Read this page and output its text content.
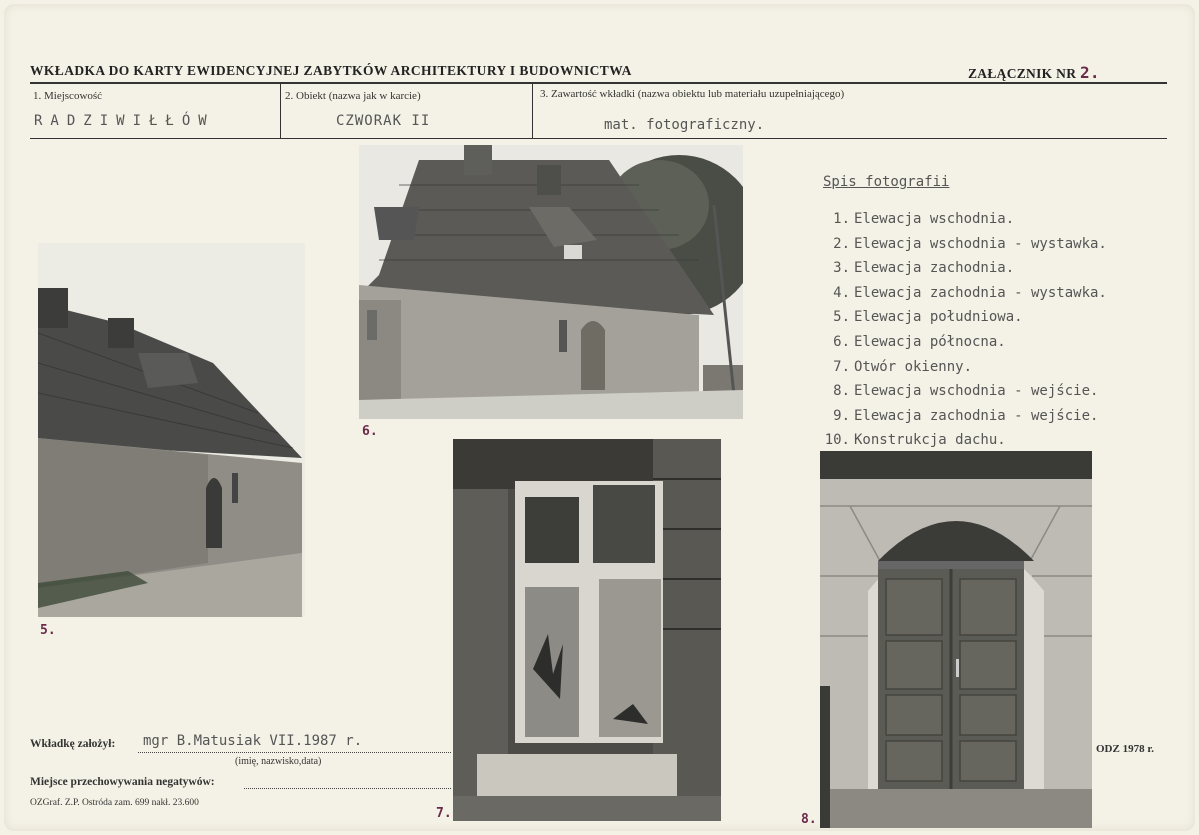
WKŁADKA DO KARTY EWIDENCYJNEJ ZABYTKÓW ARCHITEKTURY I BUDOWNICTWA	ZAŁĄCZNIK NR 2.
1. Miejscowość
RADZIWIŁŁÓW
2. Obiekt (nazwa jak w karcie)
CZWORAK II
3. Zawartość wkładki (nazwa obiektu lub materiału uzupełniającego)
mat. fotograficzny.
Spis fotografii
1. Elewacja wschodnia.
2. Elewacja wschodnia - wystawka.
3. Elewacja zachodnia.
4. Elewacja zachodnia - wystawka.
5. Elewacja południowa.
6. Elewacja północna.
7. Otwór okienny.
8. Elewacja wschodnia - wejście.
9. Elewacja zachodnia - wejście.
10. Konstrukcja dachu.
5.
6.
7.	8.
Wkładkę założył: mgr B.Matusiak VII.1987 r.
(imię, nazwisko,data)
Miejsce przechowywania negatywów:
OZGraf. Z.P. Ostróda zam. 699 nakł. 23.600
ODZ 1978 r.
